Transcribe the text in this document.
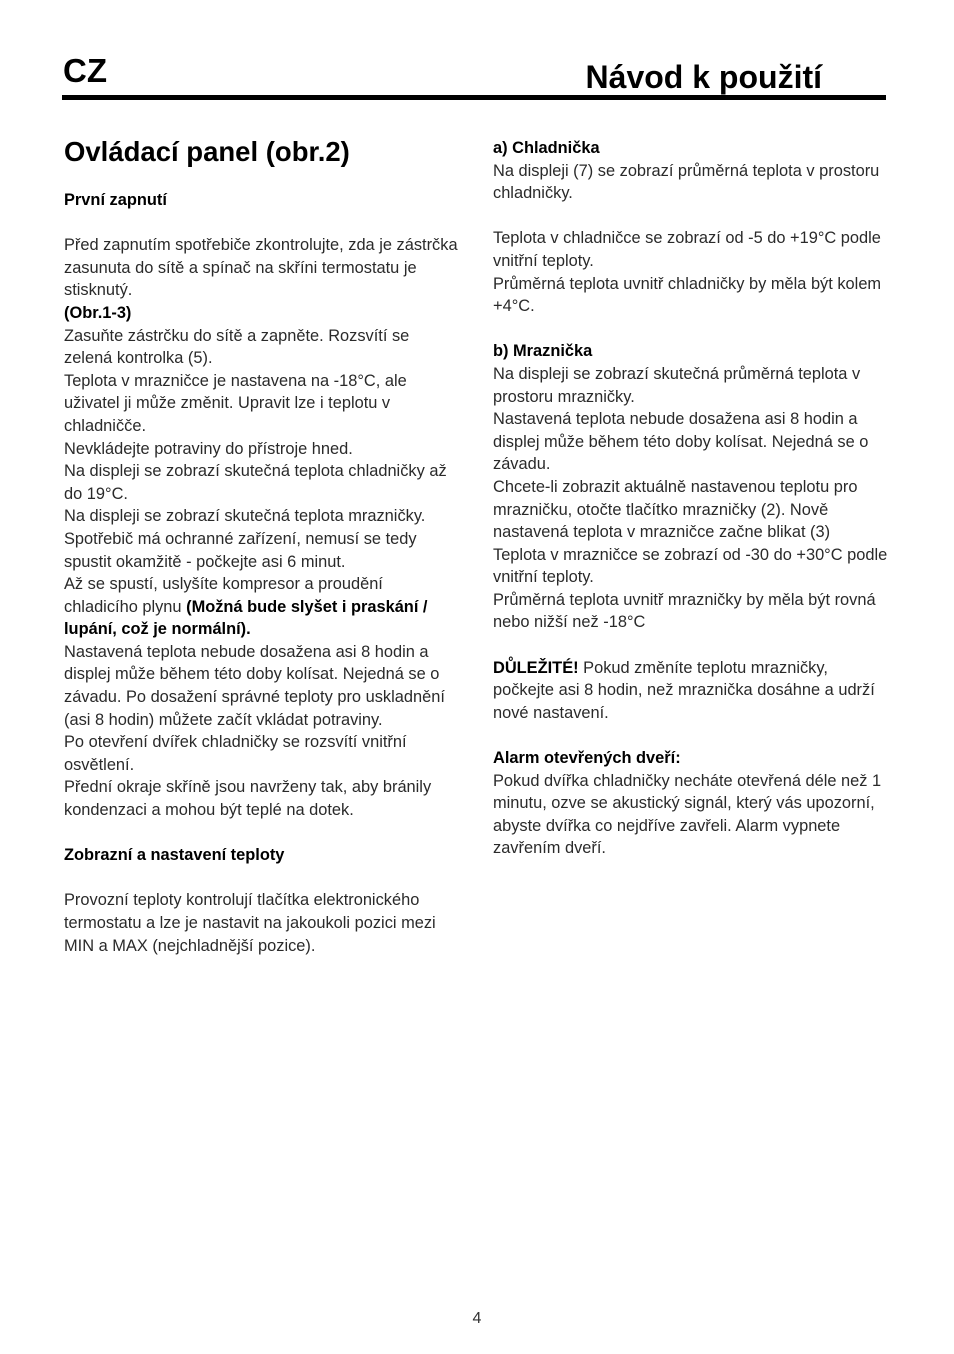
CZ	Návod k použití
Ovládací panel (obr.2)

První zapnutí

Před zapnutím spotřebiče zkontrolujte, zda je zástrčka zasunuta do sítě a spínač na skříni termostatu je stisknutý.

(Obr.1-3)

Zasuňte zástrčku do sítě a zapněte. Rozsvítí se zelená kontrolka (5).

Teplota v mrazničce je nastavena na -18°C, ale uživatel ji může změnit. Upravit lze i teplotu v chladničče.

Nevkládejte potraviny do přístroje hned.

Na displeji se zobrazí skutečná teplota chladničky až do 19°C.

Na displeji se zobrazí skutečná teplota mrazničky.

Spotřebič má ochranné zařízení, nemusí se tedy spustit okamžitě - počkejte asi 6 minut.

Až se spustí, uslyšíte kompresor a proudění chladicího plynu (Možná bude slyšet i praskání / lupání, což je normální).

Nastavená teplota nebude dosažena asi 8 hodin a displej může během této doby kolísat. Nejedná se o závadu. Po dosažení správné teploty pro uskladnění (asi 8 hodin) můžete začít vkládat potraviny.

Po otevření dvířek chladničky se rozsvítí vnitřní osvětlení.

Přední okraje skříně jsou navrženy tak, aby bránily kondenzaci a mohou být teplé na dotek.

Zobrazní a nastavení teploty

Provozní teploty kontrolují tlačítka elektronického termostatu a lze je nastavit na jakoukoli pozici mezi MIN a MAX (nejchladnější pozice).

a) Chladnička

Na displeji (7) se zobrazí průměrná teplota v prostoru chladničky.

Teplota v chladničce se zobrazí od -5 do +19°C podle vnitřní teploty.

Průměrná teplota uvnitř chladničky by měla být kolem +4°C.

b) Mraznička

Na displeji se zobrazí skutečná průměrná teplota v prostoru mrazničky.

Nastavená teplota nebude dosažena asi 8 hodin a displej může během této doby kolísat. Nejedná se o závadu.

Chcete-li zobrazit aktuálně nastavenou teplotu pro mrazničku, otočte tlačítko mrazničky (2). Nově nastavená teplota v mrazničce začne blikat (3)

Teplota v mrazničce se zobrazí od -30 do +30°C podle vnitřní teploty.

Průměrná teplota uvnitř mrazničky by měla být rovná nebo nižší než -18°C

DŮLEŽITÉ! Pokud změníte teplotu mrazničky, počkejte asi 8 hodin, než mraznička dosáhne a udrží nové nastavení.

Alarm otevřených dveří:

Pokud dvířka chladničky necháte otevřená déle než 1 minutu, ozve se akustický signál, který vás upozorní, abyste dvířka co nejdříve zavřeli. Alarm vypnete zavřením dveří.

4
